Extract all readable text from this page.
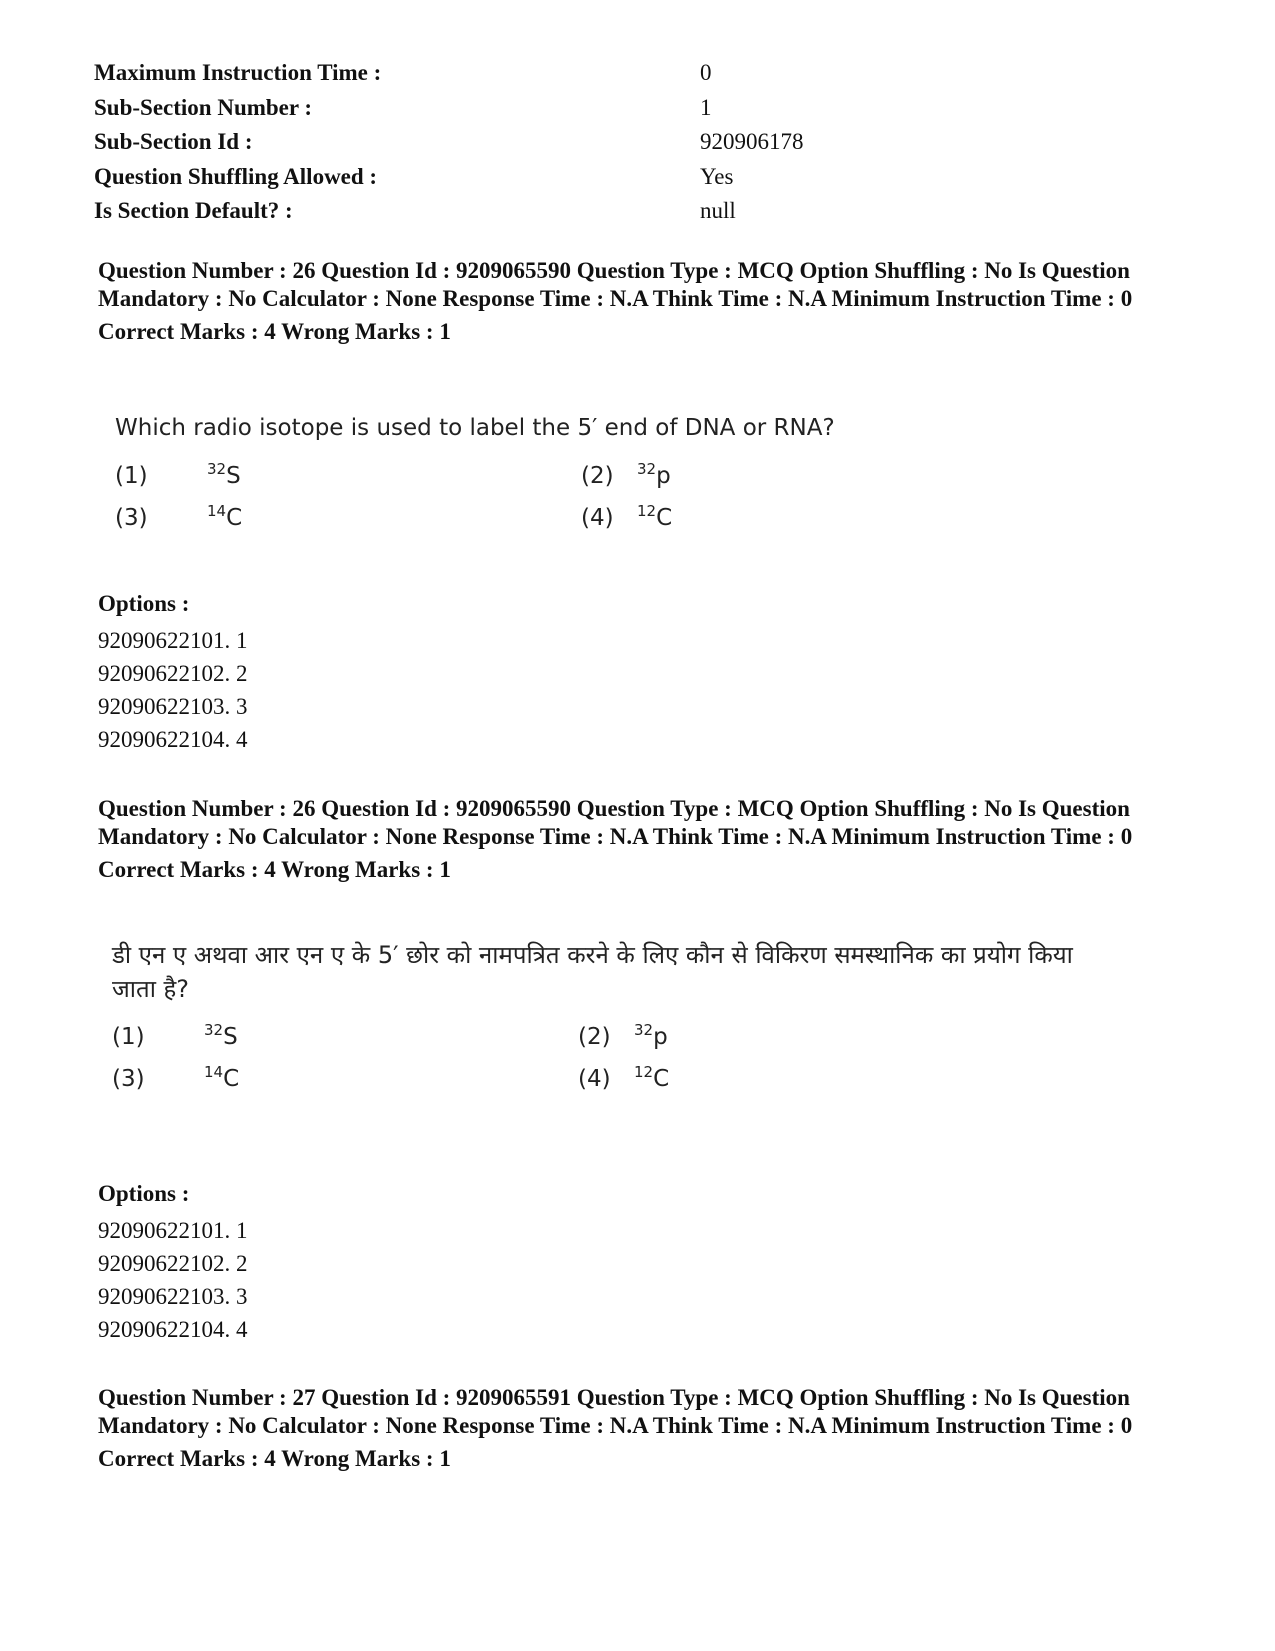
Maximum Instruction Time :	0
Sub-Section Number :	1
Sub-Section Id :	920906178
Question Shuffling Allowed :	Yes
Is Section Default? :	null

Question Number : 26 Question Id : 9209065590 Question Type : MCQ Option Shuffling : No Is Question Mandatory : No Calculator : None Response Time : N.A Think Time : N.A Minimum Instruction Time : 0

Correct Marks : 4 Wrong Marks : 1

Which radio isotope is used to label the 5′ end of DNA or RNA?

(1)	$^{32}$S	(2)	$^{32}$p
(3)	$^{14}$C	(4)	$^{12}$C
Options :
92090622101. 1
92090622102. 2
92090622103. 3
92090622104. 4

Question Number : 26 Question Id : 9209065590 Question Type : MCQ Option Shuffling : No Is Question Mandatory : No Calculator : None Response Time : N.A Think Time : N.A Minimum Instruction Time : 0

Correct Marks : 4 Wrong Marks : 1

डी एन ए अथवा आर एन ए के 5′ छोर को नामपत्रित करने के लिए कौन से विकिरण समस्थानिक का प्रयोग किया जाता है?

(1)	$^{32}$S	(2)	$^{32}$p
(3)	$^{14}$C	(4)	$^{12}$C
Options :
92090622101. 1
92090622102. 2
92090622103. 3
92090622104. 4

Question Number : 27 Question Id : 9209065591 Question Type : MCQ Option Shuffling : No Is Question Mandatory : No Calculator : None Response Time : N.A Think Time : N.A Minimum Instruction Time : 0

Correct Marks : 4 Wrong Marks : 1
